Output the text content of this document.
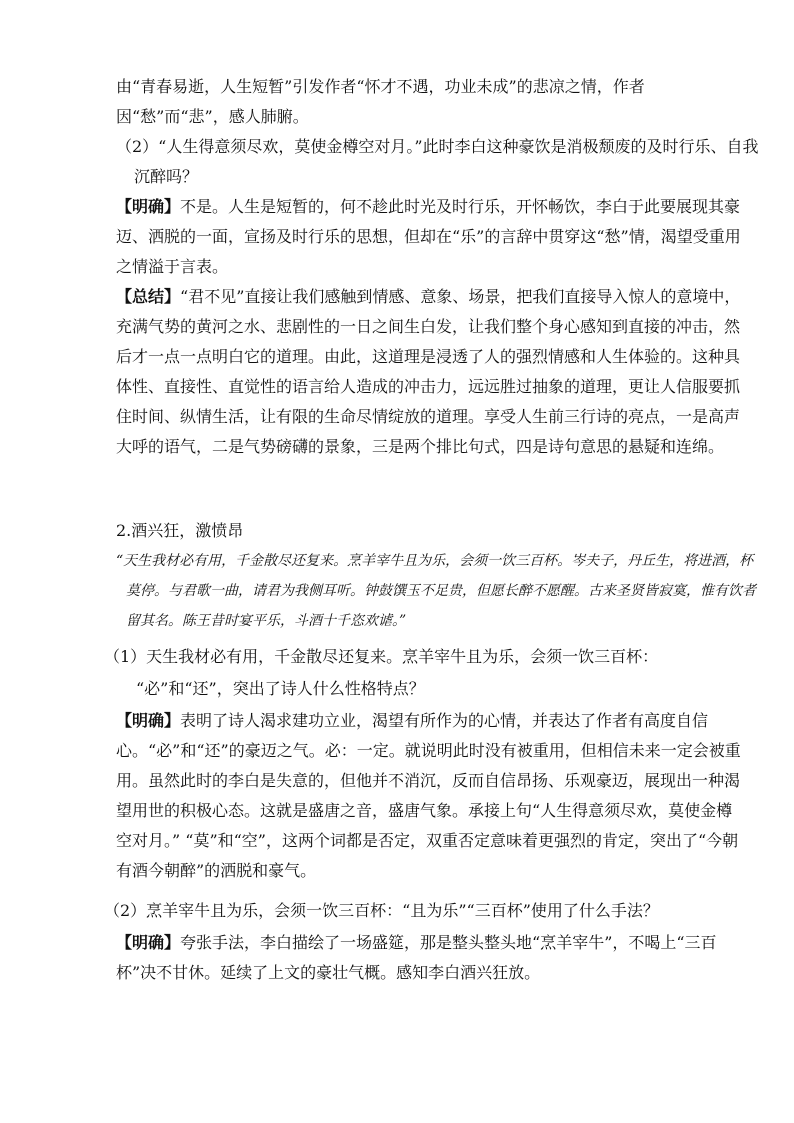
由“青春易逝，人生短暂”引发作者“怀才不遇，功业未成”的悲凉之情，作者因“愁”而“悲”，感人肺腑。

（2）“人生得意须尽欢，莫使金樽空对月。”此时李白这种豪饮是消极颓废的及时行乐、自我沉醉吗？

【明确】不是。人生是短暂的，何不趁此时光及时行乐，开怀畅饮，李白于此要展现其豪迈、洒脱的一面，宣扬及时行乐的思想，但却在“乐”的言辞中贯穿这“愁”情，渴望受重用之情溢于言表。

【总结】“君不见”直接让我们感触到情感、意象、场景，把我们直接导入惊人的意境中，充满气势的黄河之水、悲剧性的一日之间生白发，让我们整个身心感知到直接的冲击，然后才一点一点明白它的道理。由此，这道理是浸透了人的强烈情感和人生体验的。这种具体性、直接性、直觉性的语言给人造成的冲击力，远远胜过抽象的道理，更让人信服要抓住时间、纵情生活，让有限的生命尽情绽放的道理。享受人生前三行诗的亮点，一是高声大呼的语气，二是气势磅礴的景象，三是两个排比句式，四是诗句意思的悬疑和连绵。

2.酒兴狂，激愤昂

“天生我材必有用，千金散尽还复来。烹羊宰牛且为乐，会须一饮三百杯。岑夫子，丹丘生，将进酒，杯莫停。与君歌一曲，请君为我侧耳听。钟鼓馔玉不足贵，但愿长醉不愿醒。古来圣贤皆寂寞，惟有饮者留其名。陈王昔时宴平乐，斗酒十千恣欢谑。”

（1）天生我材必有用，千金散尽还复来。烹羊宰牛且为乐，会须一饮三百杯：

“必”和“还”，突出了诗人什么性格特点？

【明确】表明了诗人渴求建功立业，渴望有所作为的心情，并表达了作者有高度自信心。“必”和“还”的豪迈之气。必：一定。就说明此时没有被重用，但相信未来一定会被重用。虽然此时的李白是失意的，但他并不消沉，反而自信昂扬、乐观豪迈，展现出一种渴望用世的积极心态。这就是盛唐之音，盛唐气象。承接上句“人生得意须尽欢，莫使金樽空对月。” “莫”和“空”，这两个词都是否定，双重否定意味着更强烈的肯定，突出了“今朝有酒今朝醉”的洒脱和豪气。

（2）烹羊宰牛且为乐，会须一饮三百杯：“且为乐”“三百杯”使用了什么手法？

【明确】夸张手法，李白描绘了一场盛筵，那是整头整头地“烹羊宰牛”，不喝上“三百杯”决不甘休。延续了上文的豪壮气概。感知李白酒兴狂放。
